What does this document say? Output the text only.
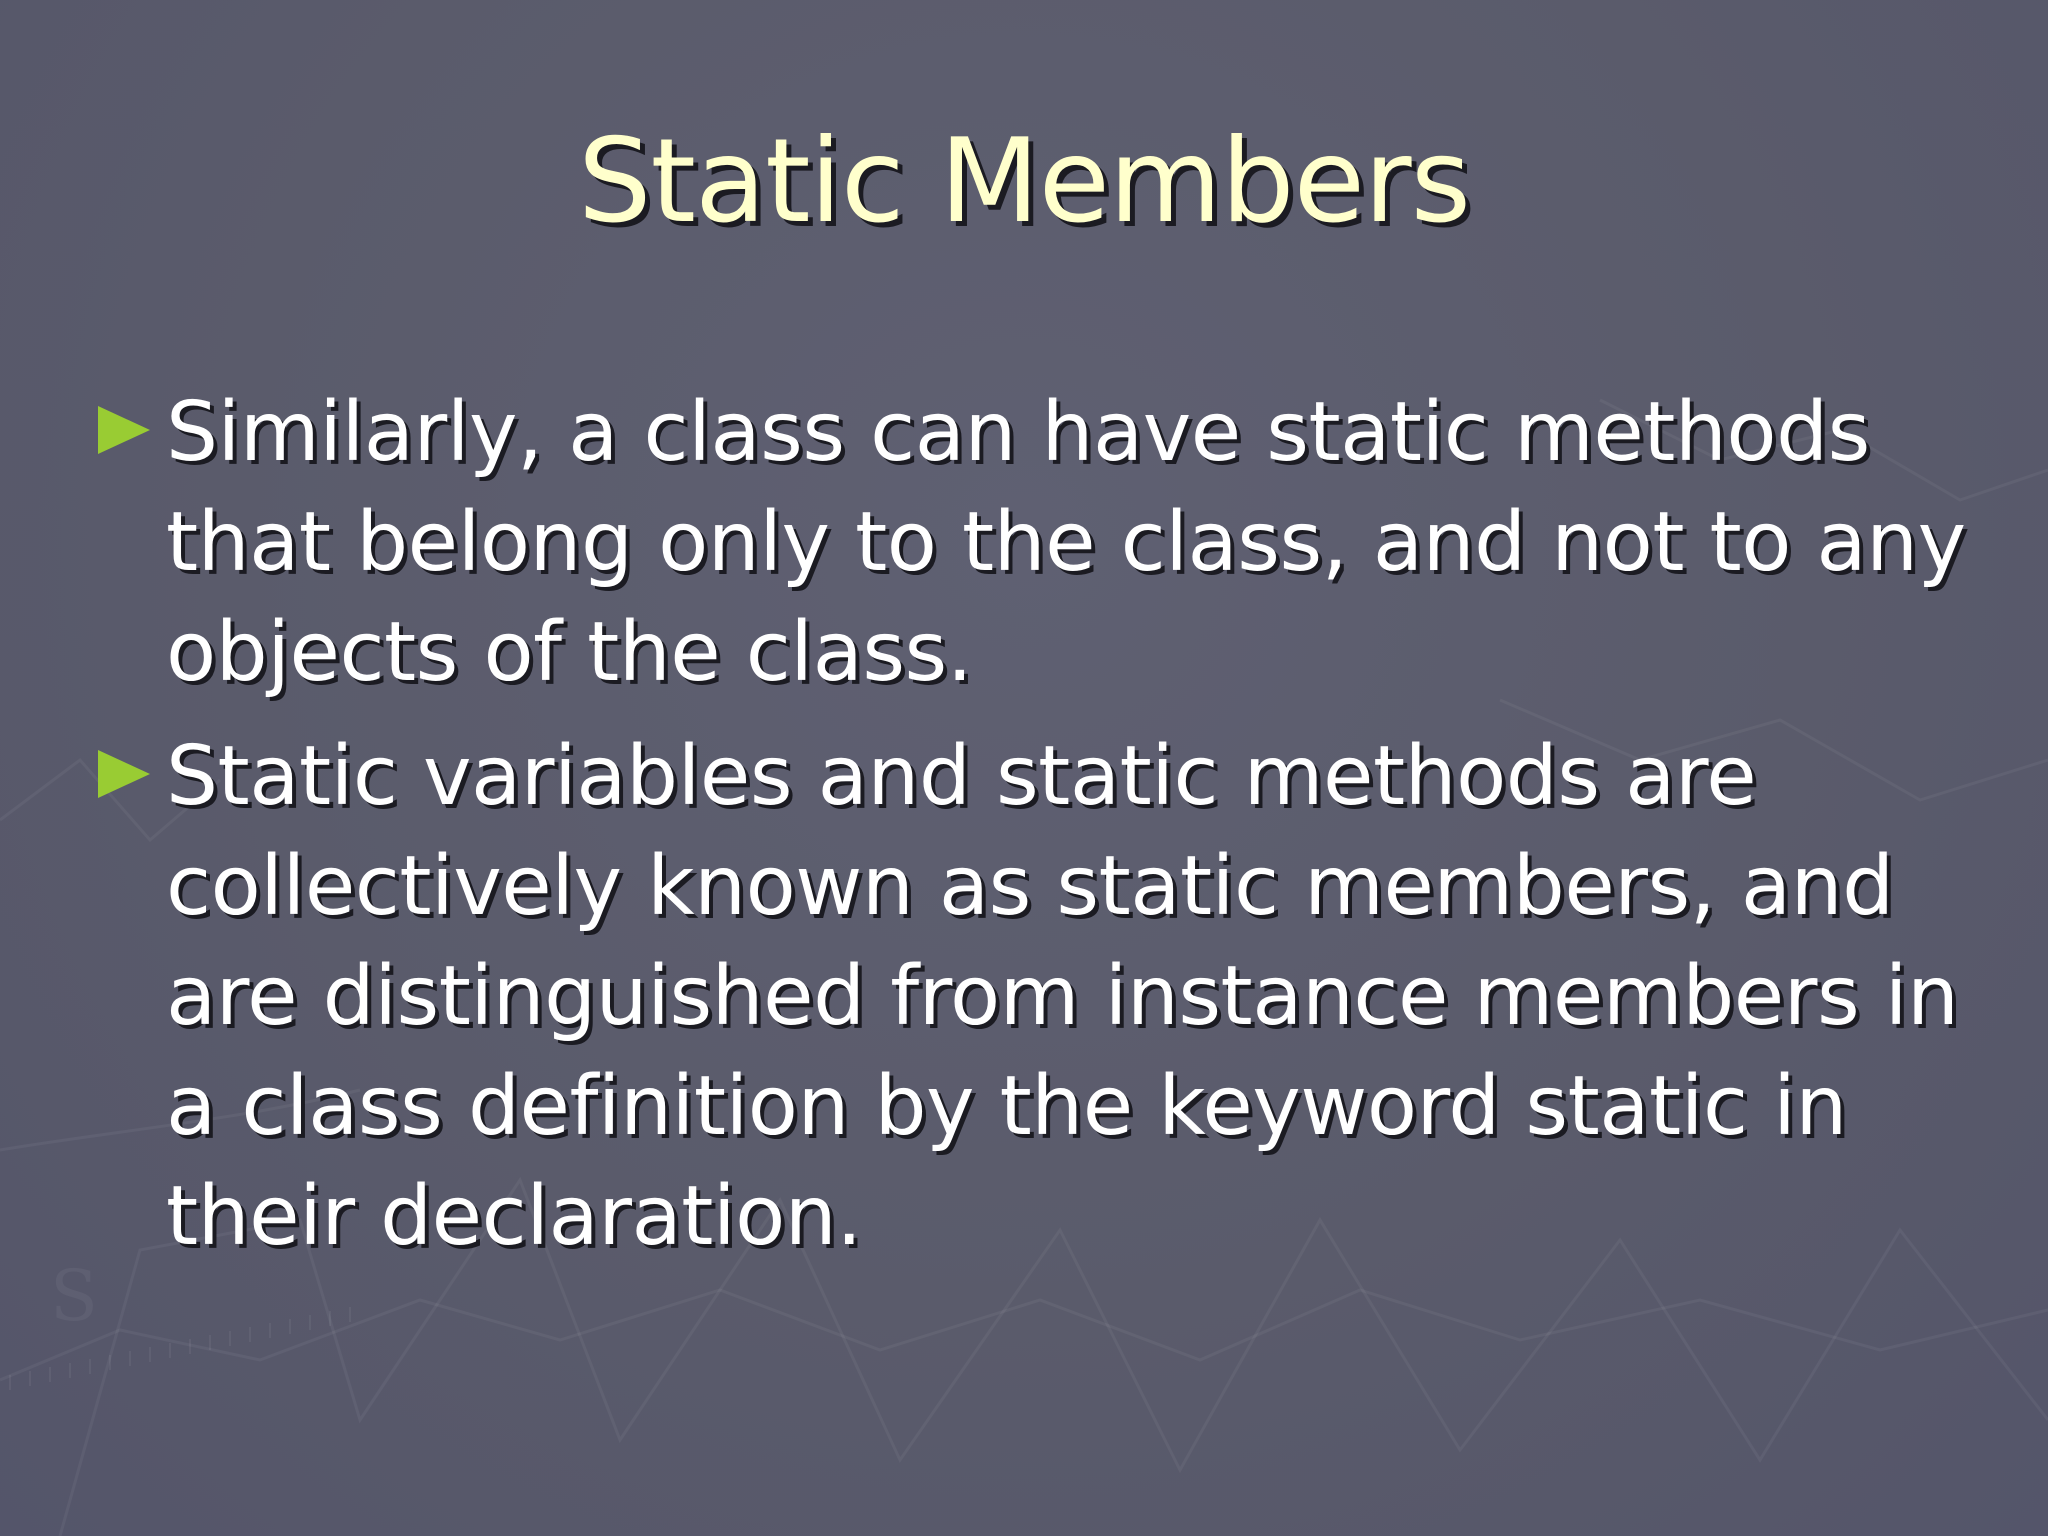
S
Static Members
Similarly, a class can have static methods that belong only to the class, and not to any objects of the class.
Static variables and static methods are collectively known as static members, and are distinguished from instance members in a class definition by the keyword static in their declaration.
